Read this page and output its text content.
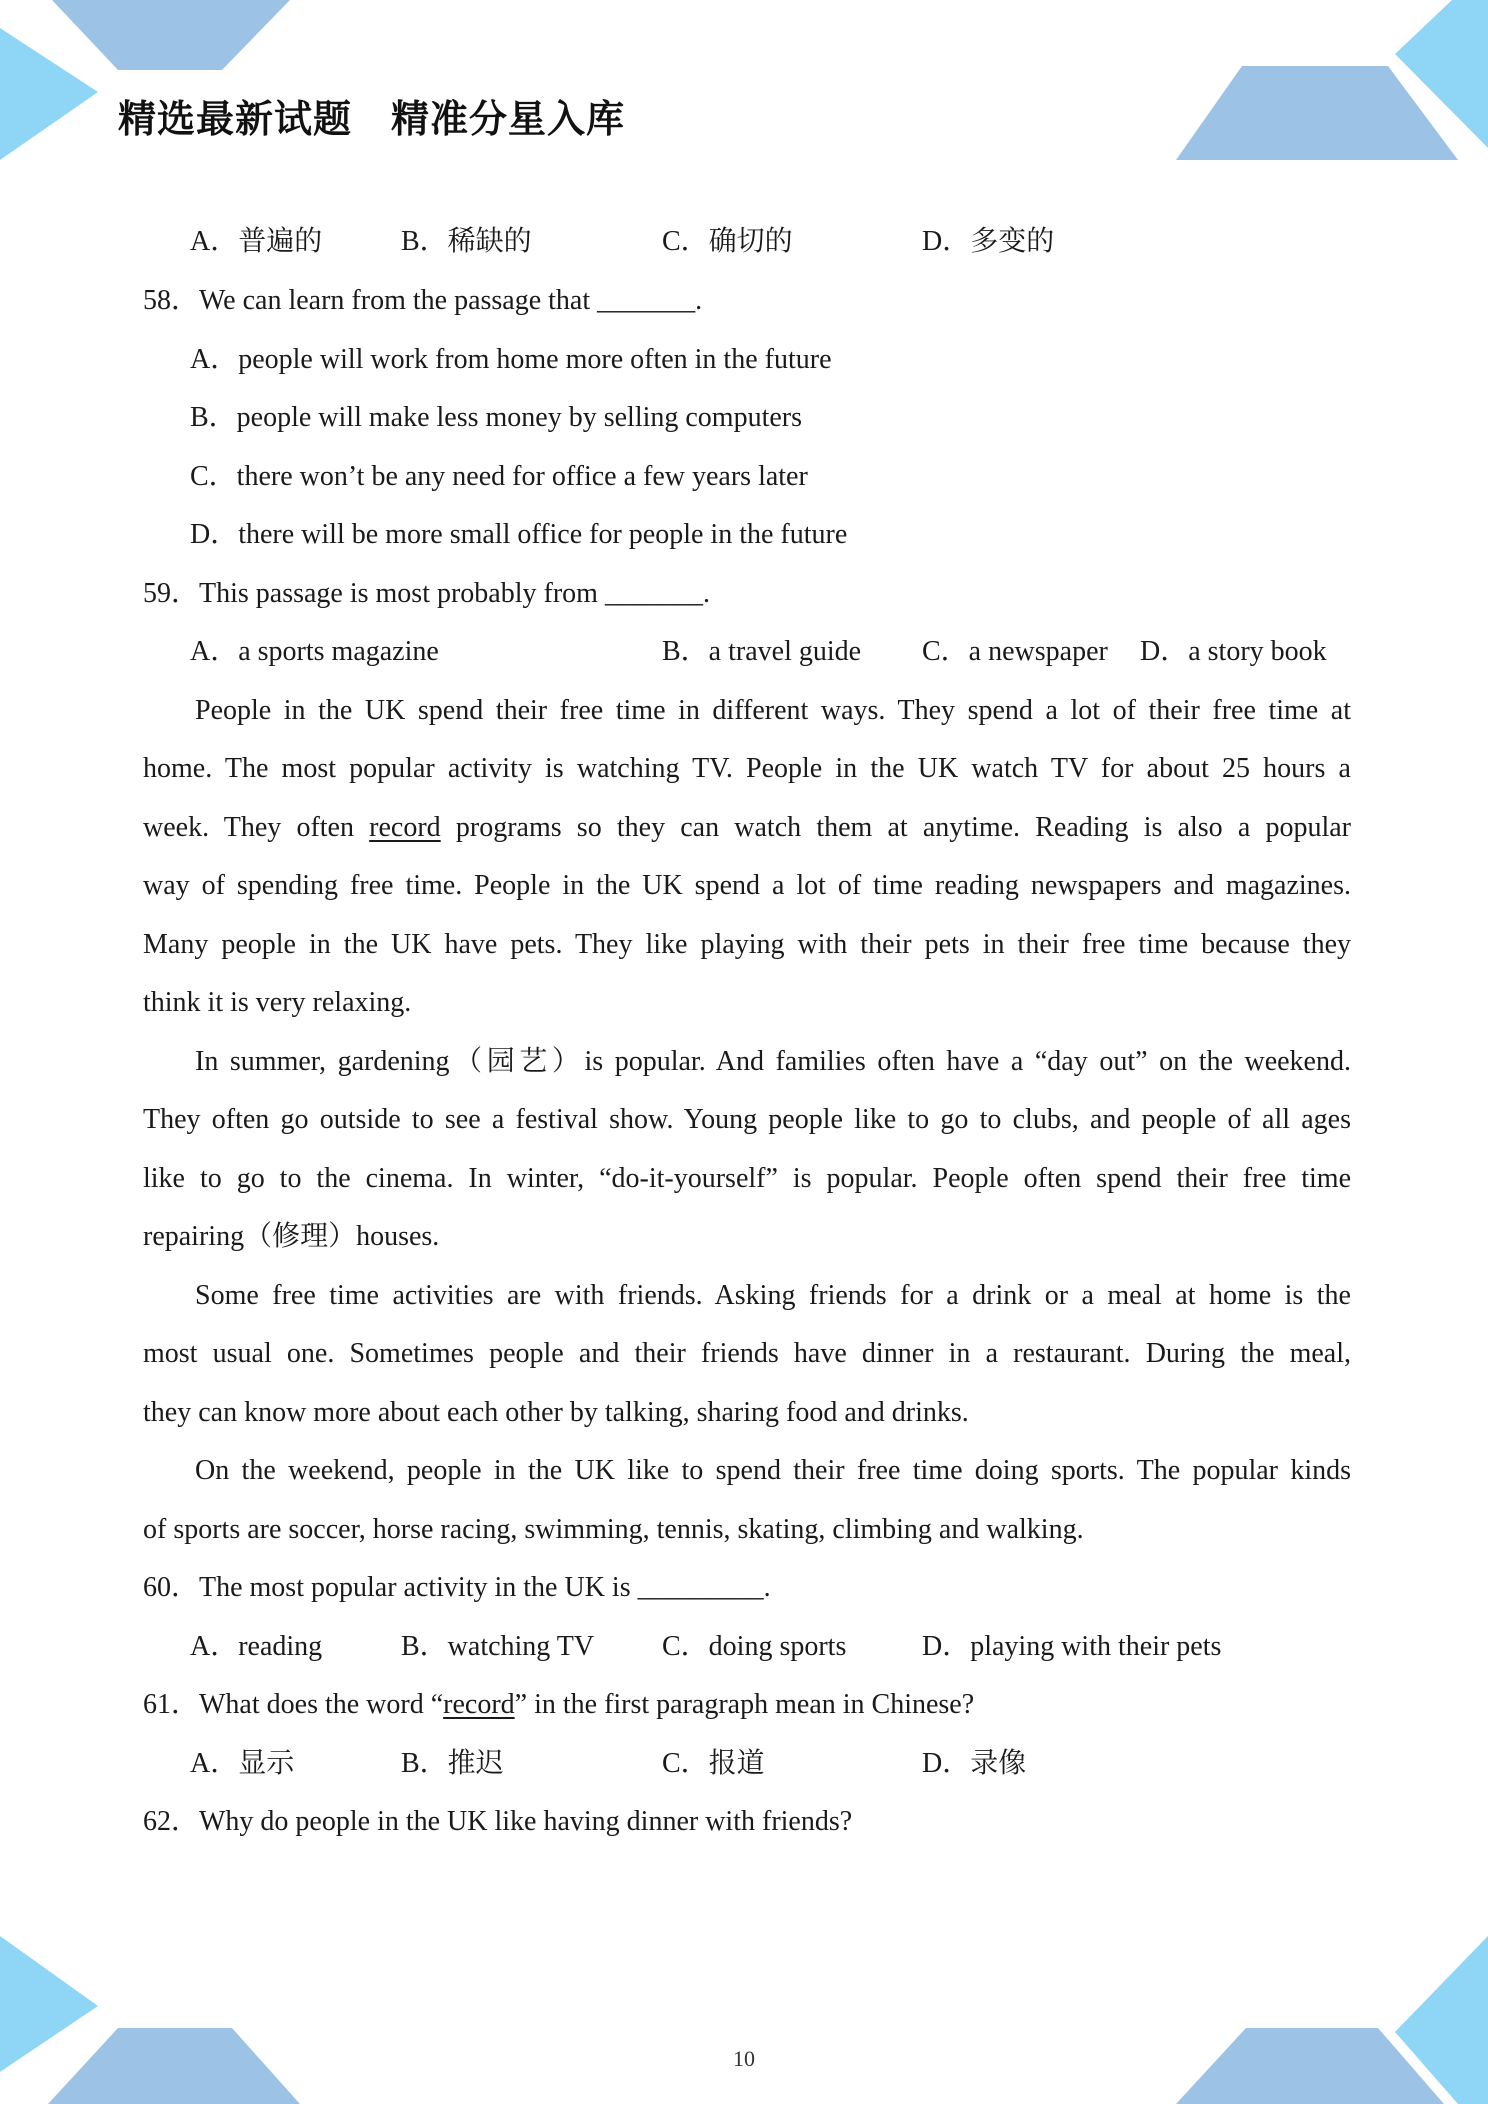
精选最新试题　精准分星入库
A．普遍的	B．稀缺的	C．确切的	D．多变的
58．We can learn from the passage that _______.
A．people will work from home more often in the future
B．people will make less money by selling computers
C．there won’t be any need for office a few years later
D．there will be more small office for people in the future
59．This passage is most probably from _______.
A．a sports magazine	B．a travel guide C．a newspaper D．a story book
People in the UK spend their free time in different ways. They spend a lot of their free time at
home. The most popular activity is watching TV. People in the UK watch TV for about 25 hours a
week. They often record programs so they can watch them at anytime. Reading is also a popular
way of spending free time. People in the UK spend a lot of time reading newspapers and magazines.
Many people in the UK have pets. They like playing with their pets in their free time because they
think it is very relaxing.
In summer, gardening（园艺）is popular. And families often have a “day out” on the weekend.
They often go outside to see a festival show. Young people like to go to clubs, and people of all ages
like to go to the cinema. In winter, “do-it-yourself” is popular. People often spend their free time
repairing（修理）houses.
Some free time activities are with friends. Asking friends for a drink or a meal at home is the
most usual one. Sometimes people and their friends have dinner in a restaurant. During the meal,
they can know more about each other by talking, sharing food and drinks.
On the weekend, people in the UK like to spend their free time doing sports. The popular kinds
of sports are soccer, horse racing, swimming, tennis, skating, climbing and walking.
60．The most popular activity in the UK is _________.
A．reading	B．watching TV C．doing sports	D．playing with their pets
61．What does the word “record” in the first paragraph mean in Chinese?
A．显示	B．推迟	C．报道	D．录像
62．Why do people in the UK like having dinner with friends?
10
